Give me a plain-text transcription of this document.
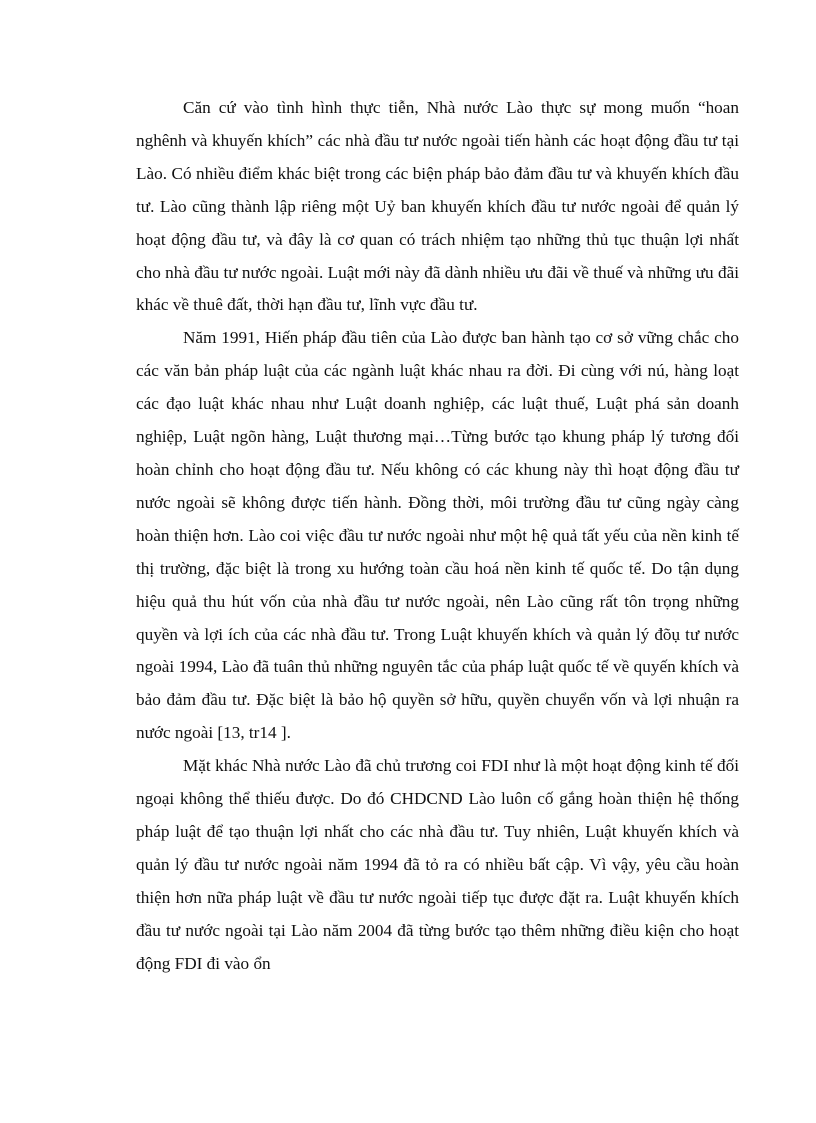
Căn cứ vào tình hình thực tiễn, Nhà nước Lào thực sự mong muốn “hoan nghênh và khuyến khích” các nhà đầu tư nước ngoài tiến hành các hoạt động đầu tư tại Lào. Có nhiều điểm khác biệt trong các biện pháp bảo đảm đầu tư và khuyến khích đầu tư. Lào cũng thành lập riêng một Uỷ ban khuyến khích đầu tư nước ngoài để quản lý hoạt động đầu tư, và đây là cơ quan có trách nhiệm tạo những thủ tục thuận lợi nhất cho nhà đầu tư nước ngoài. Luật mới này đã dành nhiều ưu đãi về thuế và những ưu đãi khác về thuê đất, thời hạn đầu tư, lĩnh vực đầu tư.

Năm 1991, Hiến pháp đầu tiên của Lào được ban hành tạo cơ sở vững chắc cho các văn bản pháp luật của các ngành luật khác nhau ra đời. Đi cùng với nú, hàng loạt các đạo luật khác nhau như Luật doanh nghiệp, các luật thuế, Luật phá sản doanh nghiệp, Luật ngõn hàng, Luật thương mại…Từng bước tạo khung pháp lý tương đối hoàn chỉnh cho hoạt động đầu tư. Nếu không có các khung này thì hoạt động đầu tư nước ngoài sẽ không được tiến hành. Đồng thời, môi trường đầu tư cũng ngày càng hoàn thiện hơn. Lào coi việc đầu tư nước ngoài như một hệ quả tất yếu của nền kinh tế thị trường, đặc biệt là trong xu hướng toàn cầu hoá nền kinh tế quốc tế. Do tận dụng hiệu quả thu hút vốn của nhà đầu tư nước ngoài, nên Lào cũng rất tôn trọng những quyền và lợi ích của các nhà đầu tư. Trong Luật khuyến khích và quản lý đõụ tư nước ngoài 1994, Lào đã tuân thủ những nguyên tắc của pháp luật quốc tế về quyến khích và bảo đảm đầu tư. Đặc biệt là bảo hộ quyền sở hữu, quyền chuyển vốn và lợi nhuận ra nước ngoài [13, tr14 ].

Mặt khác Nhà nước Lào đã chủ trương coi FDI như là một hoạt động kinh tế đối ngoại không thể thiếu được. Do đó CHDCND Lào luôn cố gắng hoàn thiện hệ thống pháp luật để tạo thuận lợi nhất cho các nhà đầu tư. Tuy nhiên, Luật khuyến khích và quản lý đầu tư nước ngoài năm 1994 đã tỏ ra có nhiều bất cập. Vì vậy, yêu cầu hoàn thiện hơn nữa pháp luật về đầu tư nước ngoài tiếp tục được đặt ra. Luật khuyến khích đầu tư nước ngoài tại Lào năm 2004 đã từng bước tạo thêm những điều kiện cho hoạt động FDI đi vào ổn
